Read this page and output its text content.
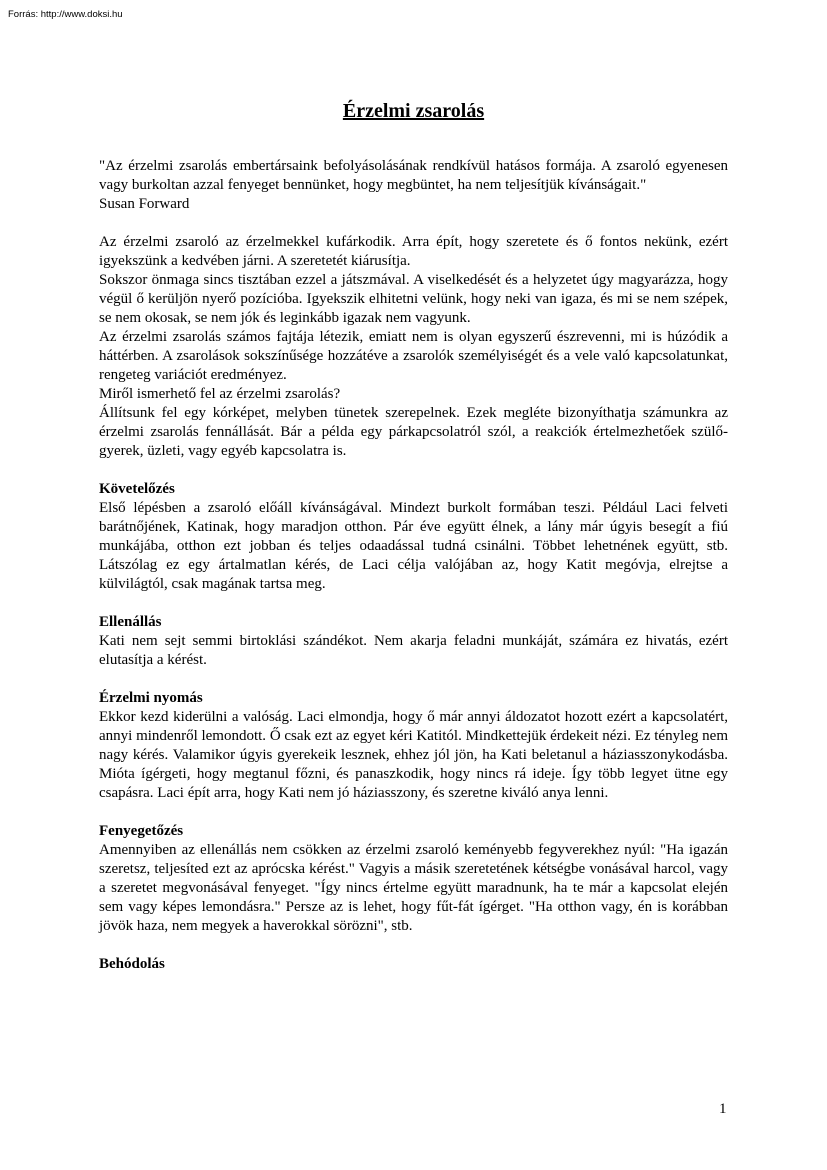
Forrás: http://www.doksi.hu
Érzelmi zsarolás

"Az érzelmi zsarolás embertársaink befolyásolásának rendkívül hatásos formája. A zsaroló egyenesen vagy burkoltan azzal fenyeget bennünket, hogy megbüntet, ha nem teljesítjük kívánságait."

Susan Forward

Az érzelmi zsaroló az érzelmekkel kufárkodik. Arra épít, hogy szeretete és ő fontos nekünk, ezért igyekszünk a kedvében járni. A szeretetét kiárusítja.

Sokszor önmaga sincs tisztában ezzel a játszmával. A viselkedését és a helyzetet úgy magyarázza, hogy végül ő kerüljön nyerő pozícióba. Igyekszik elhitetni velünk, hogy neki van igaza, és mi se nem szépek, se nem okosak, se nem jók és leginkább igazak nem vagyunk.

Az érzelmi zsarolás számos fajtája létezik, emiatt nem is olyan egyszerű észrevenni, mi is húzódik a háttérben. A zsarolások sokszínűsége hozzátéve a zsarolók személyiségét és a vele való kapcsolatunkat, rengeteg variációt eredményez.

Miről ismerhető fel az érzelmi zsarolás?

Állítsunk fel egy kórképet, melyben tünetek szerepelnek. Ezek megléte bizonyíthatja számunkra az érzelmi zsarolás fennállását. Bár a példa egy párkapcsolatról szól, a reakciók értelmezhetőek szülő-gyerek, üzleti, vagy egyéb kapcsolatra is.

Követelőzés

Első lépésben a zsaroló előáll kívánságával. Mindezt burkolt formában teszi. Például Laci felveti barátnőjének, Katinak, hogy maradjon otthon. Pár éve együtt élnek, a lány már úgyis besegít a fiú munkájába, otthon ezt jobban és teljes odaadással tudná csinálni. Többet lehetnének együtt, stb. Látszólag ez egy ártalmatlan kérés, de Laci célja valójában az, hogy Katit megóvja, elrejtse a külvilágtól, csak magának tartsa meg.

Ellenállás

Kati nem sejt semmi birtoklási szándékot. Nem akarja feladni munkáját, számára ez hivatás, ezért elutasítja a kérést.

Érzelmi nyomás

Ekkor kezd kiderülni a valóság. Laci elmondja, hogy ő már annyi áldozatot hozott ezért a kapcsolatért, annyi mindenről lemondott. Ő csak ezt az egyet kéri Katitól. Mindkettejük érdekeit nézi. Ez tényleg nem nagy kérés. Valamikor úgyis gyerekeik lesznek, ehhez jól jön, ha Kati beletanul a háziasszonykodásba. Mióta ígérgeti, hogy megtanul főzni, és panaszkodik, hogy nincs rá ideje. Így több legyet ütne egy csapásra. Laci épít arra, hogy Kati nem jó háziasszony, és szeretne kiváló anya lenni.

Fenyegetőzés

Amennyiben az ellenállás nem csökken az érzelmi zsaroló keményebb fegyverekhez nyúl: "Ha igazán szeretsz, teljesíted ezt az aprócska kérést." Vagyis a másik szeretetének kétségbe vonásával harcol, vagy a szeretet megvonásával fenyeget. "Így nincs értelme együtt maradnunk, ha te már a kapcsolat elején sem vagy képes lemondásra." Persze az is lehet, hogy fűt-fát ígérget. "Ha otthon vagy, én is korábban jövök haza, nem megyek a haverokkal sörözni", stb.

Behódolás
1
